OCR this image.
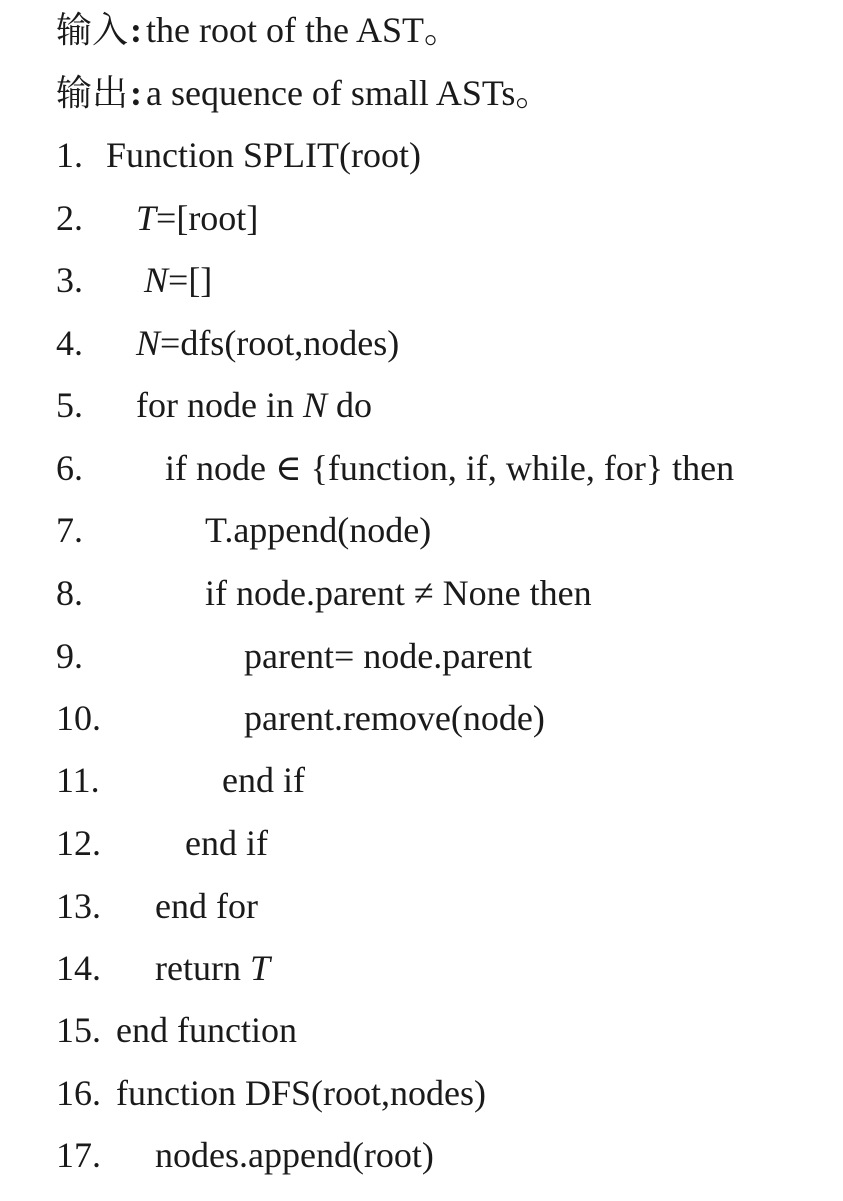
输入: the root of the AST。
输出: a sequence of small ASTs。
1. Function SPLIT(root)
2. T=[root]
3. N=[]
4. N=dfs(root,nodes)
5. for node in N do
6. if node ∈ {function, if, while, for} then
7.	T.append(node)
8.	if node.parent ≠ None then
9.	parent= node.parent
10.	parent.remove(node)
11.	end if
12. end if
13. end for
14. return T
15. end function
16. function DFS(root,nodes)
17. nodes.append(root)
